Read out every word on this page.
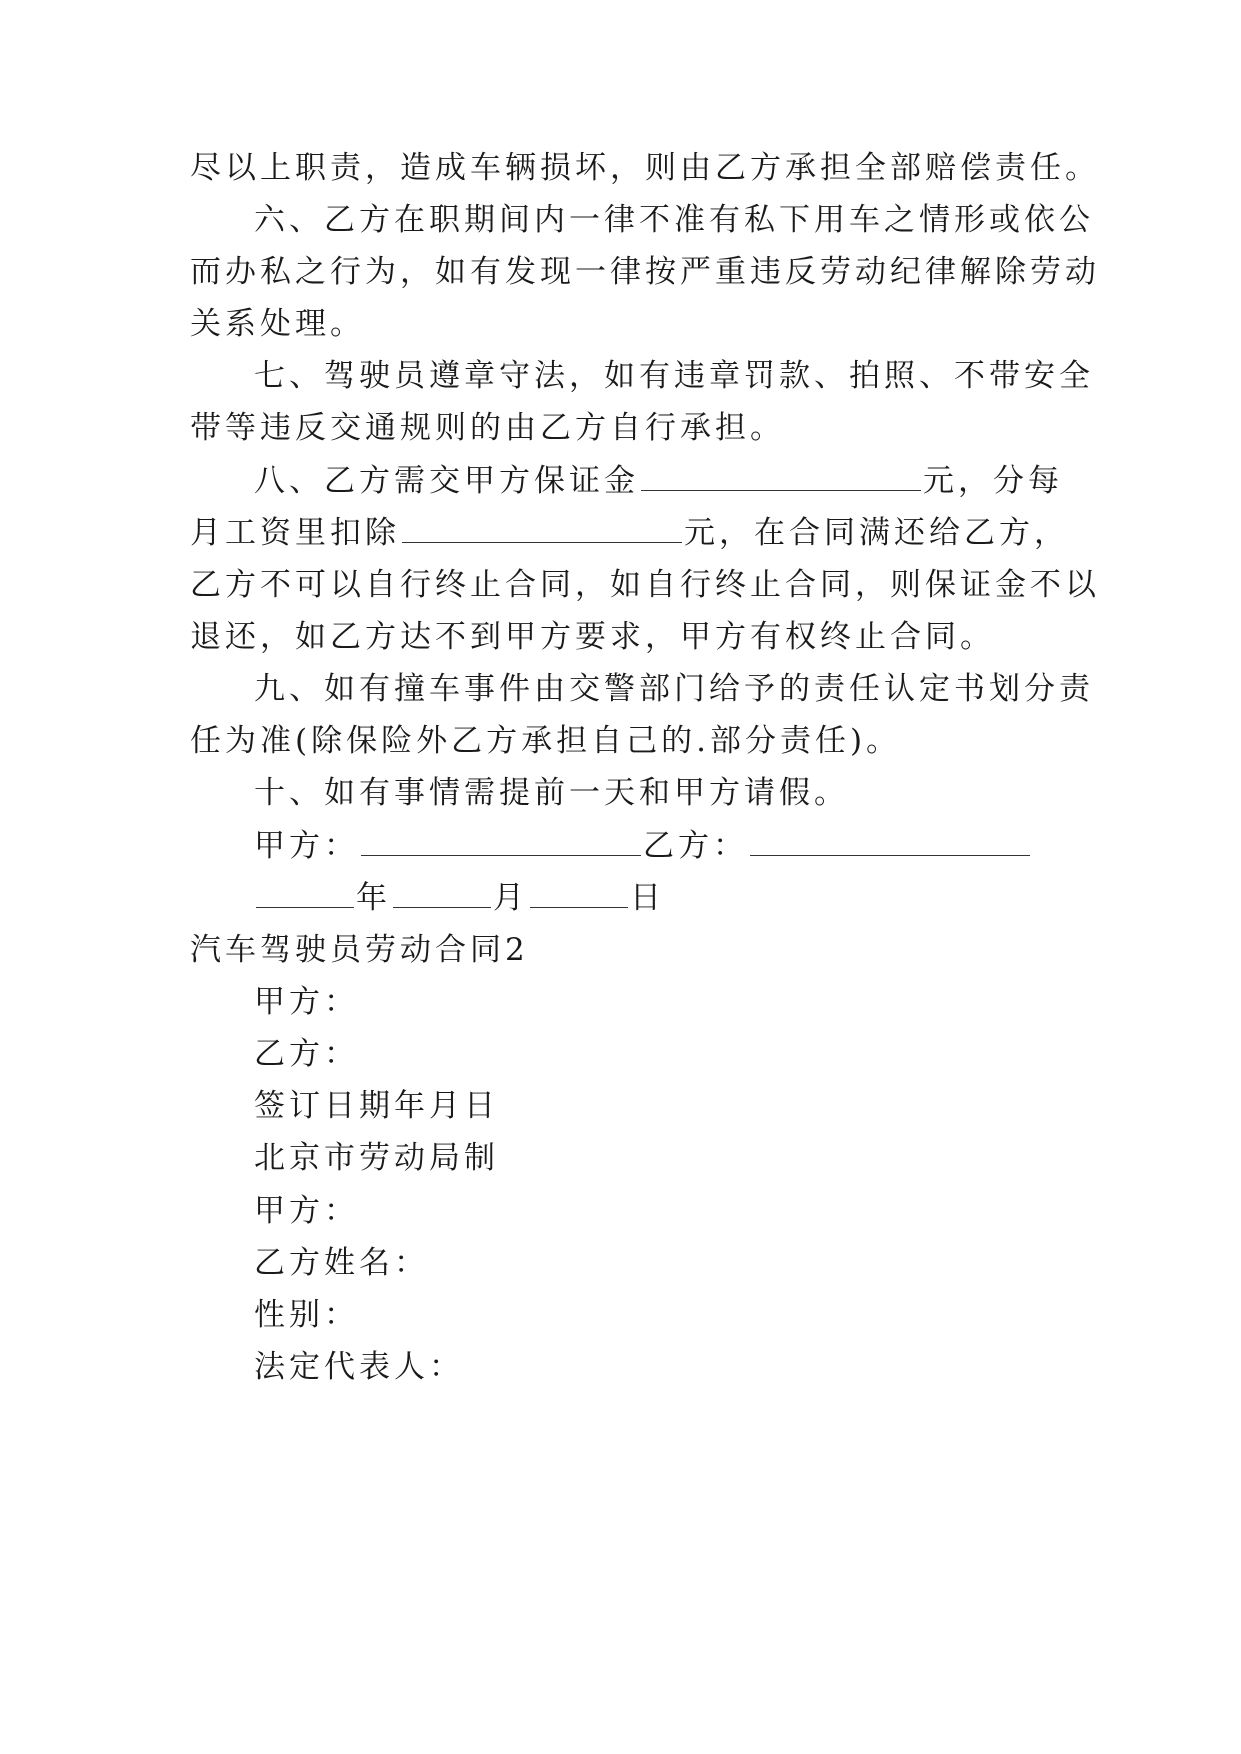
尽以上职责，造成车辆损坏，则由乙方承担全部赔偿责任。
六、乙方在职期间内一律不准有私下用车之情形或依公
而办私之行为，如有发现一律按严重违反劳动纪律解除劳动
关系处理。
七、驾驶员遵章守法，如有违章罚款、拍照、不带安全
带等违反交通规则的由乙方自行承担。
八、乙方需交甲方保证金	元，分每
月工资里扣除	元，在合同满还给乙方，
乙方不可以自行终止合同，如自行终止合同，则保证金不以
退还，如乙方达不到甲方要求，甲方有权终止合同。
九、如有撞车事件由交警部门给予的责任认定书划分责
任为准(除保险外乙方承担自己的.部分责任)。
十、如有事情需提前一天和甲方请假。
甲方：	乙方：
年	月	日
汽车驾驶员劳动合同2
甲方：
乙方：
签订日期年月日
北京市劳动局制
甲方：
乙方姓名：
性别：
法定代表人：
